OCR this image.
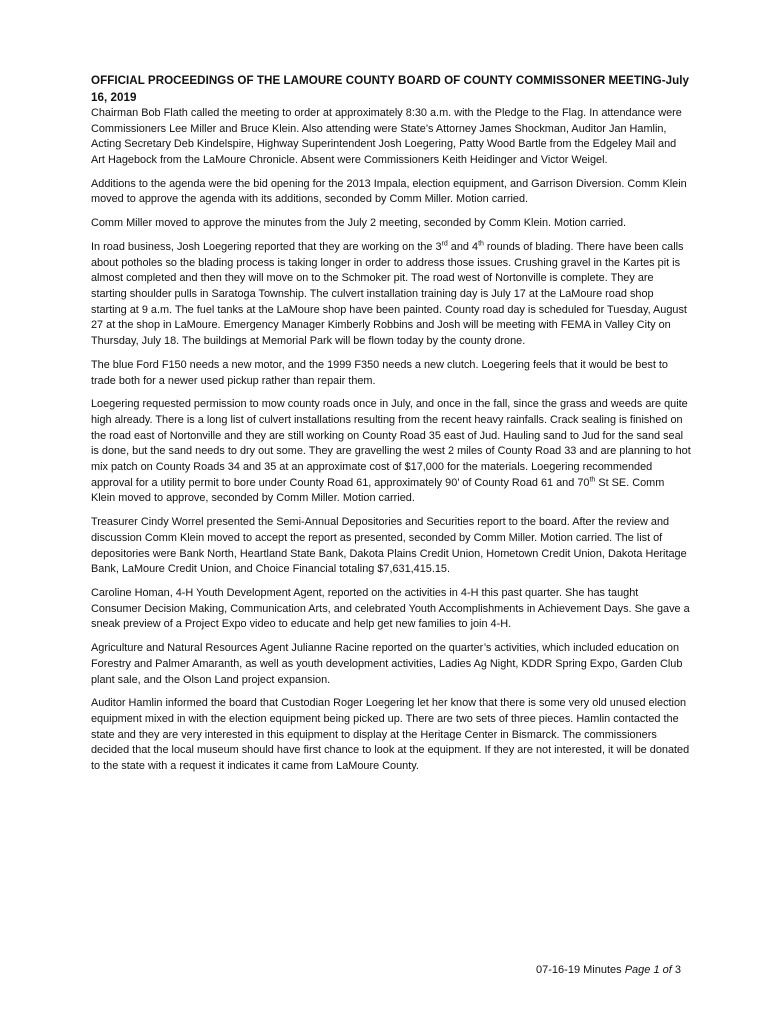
OFFICIAL PROCEEDINGS OF THE LAMOURE COUNTY BOARD OF COUNTY COMMISSONER MEETING-July 16, 2019

Chairman Bob Flath called the meeting to order at approximately 8:30 a.m. with the Pledge to the Flag. In attendance were Commissioners Lee Miller and Bruce Klein. Also attending were State’s Attorney James Shockman, Auditor Jan Hamlin, Acting Secretary Deb Kindelspire, Highway Superintendent Josh Loegering, Patty Wood Bartle from the Edgeley Mail and Art Hagebock from the LaMoure Chronicle. Absent were Commissioners Keith Heidinger and Victor Weigel.

Additions to the agenda were the bid opening for the 2013 Impala, election equipment, and Garrison Diversion. Comm Klein moved to approve the agenda with its additions, seconded by Comm Miller. Motion carried.

Comm Miller moved to approve the minutes from the July 2 meeting, seconded by Comm Klein. Motion carried.

In road business, Josh Loegering reported that they are working on the 3rd and 4th rounds of blading. There have been calls about potholes so the blading process is taking longer in order to address those issues. Crushing gravel in the Kartes pit is almost completed and then they will move on to the Schmoker pit. The road west of Nortonville is complete. They are starting shoulder pulls in Saratoga Township. The culvert installation training day is July 17 at the LaMoure road shop starting at 9 a.m. The fuel tanks at the LaMoure shop have been painted. County road day is scheduled for Tuesday, August 27 at the shop in LaMoure. Emergency Manager Kimberly Robbins and Josh will be meeting with FEMA in Valley City on Thursday, July 18. The buildings at Memorial Park will be flown today by the county drone.

The blue Ford F150 needs a new motor, and the 1999 F350 needs a new clutch. Loegering feels that it would be best to trade both for a newer used pickup rather than repair them.

Loegering requested permission to mow county roads once in July, and once in the fall, since the grass and weeds are quite high already. There is a long list of culvert installations resulting from the recent heavy rainfalls. Crack sealing is finished on the road east of Nortonville and they are still working on County Road 35 east of Jud. Hauling sand to Jud for the sand seal is done, but the sand needs to dry out some. They are gravelling the west 2 miles of County Road 33 and are planning to hot mix patch on County Roads 34 and 35 at an approximate cost of $17,000 for the materials. Loegering recommended approval for a utility permit to bore under County Road 61, approximately 90’ of County Road 61 and 70th St SE. Comm Klein moved to approve, seconded by Comm Miller. Motion carried.

Treasurer Cindy Worrel presented the Semi-Annual Depositories and Securities report to the board. After the review and discussion Comm Klein moved to accept the report as presented, seconded by Comm Miller. Motion carried. The list of depositories were Bank North, Heartland State Bank, Dakota Plains Credit Union, Hometown Credit Union, Dakota Heritage Bank, LaMoure Credit Union, and Choice Financial totaling $7,631,415.15.

Caroline Homan, 4-H Youth Development Agent, reported on the activities in 4-H this past quarter. She has taught Consumer Decision Making, Communication Arts, and celebrated Youth Accomplishments in Achievement Days. She gave a sneak preview of a Project Expo video to educate and help get new families to join 4-H.

Agriculture and Natural Resources Agent Julianne Racine reported on the quarter’s activities, which included education on Forestry and Palmer Amaranth, as well as youth development activities, Ladies Ag Night, KDDR Spring Expo, Garden Club plant sale, and the Olson Land project expansion.

Auditor Hamlin informed the board that Custodian Roger Loegering let her know that there is some very old unused election equipment mixed in with the election equipment being picked up. There are two sets of three pieces. Hamlin contacted the state and they are very interested in this equipment to display at the Heritage Center in Bismarck. The commissioners decided that the local museum should have first chance to look at the equipment. If they are not interested, it will be donated to the state with a request it indicates it came from LaMoure County.

07-16-19 Minutes Page 1 of 3
